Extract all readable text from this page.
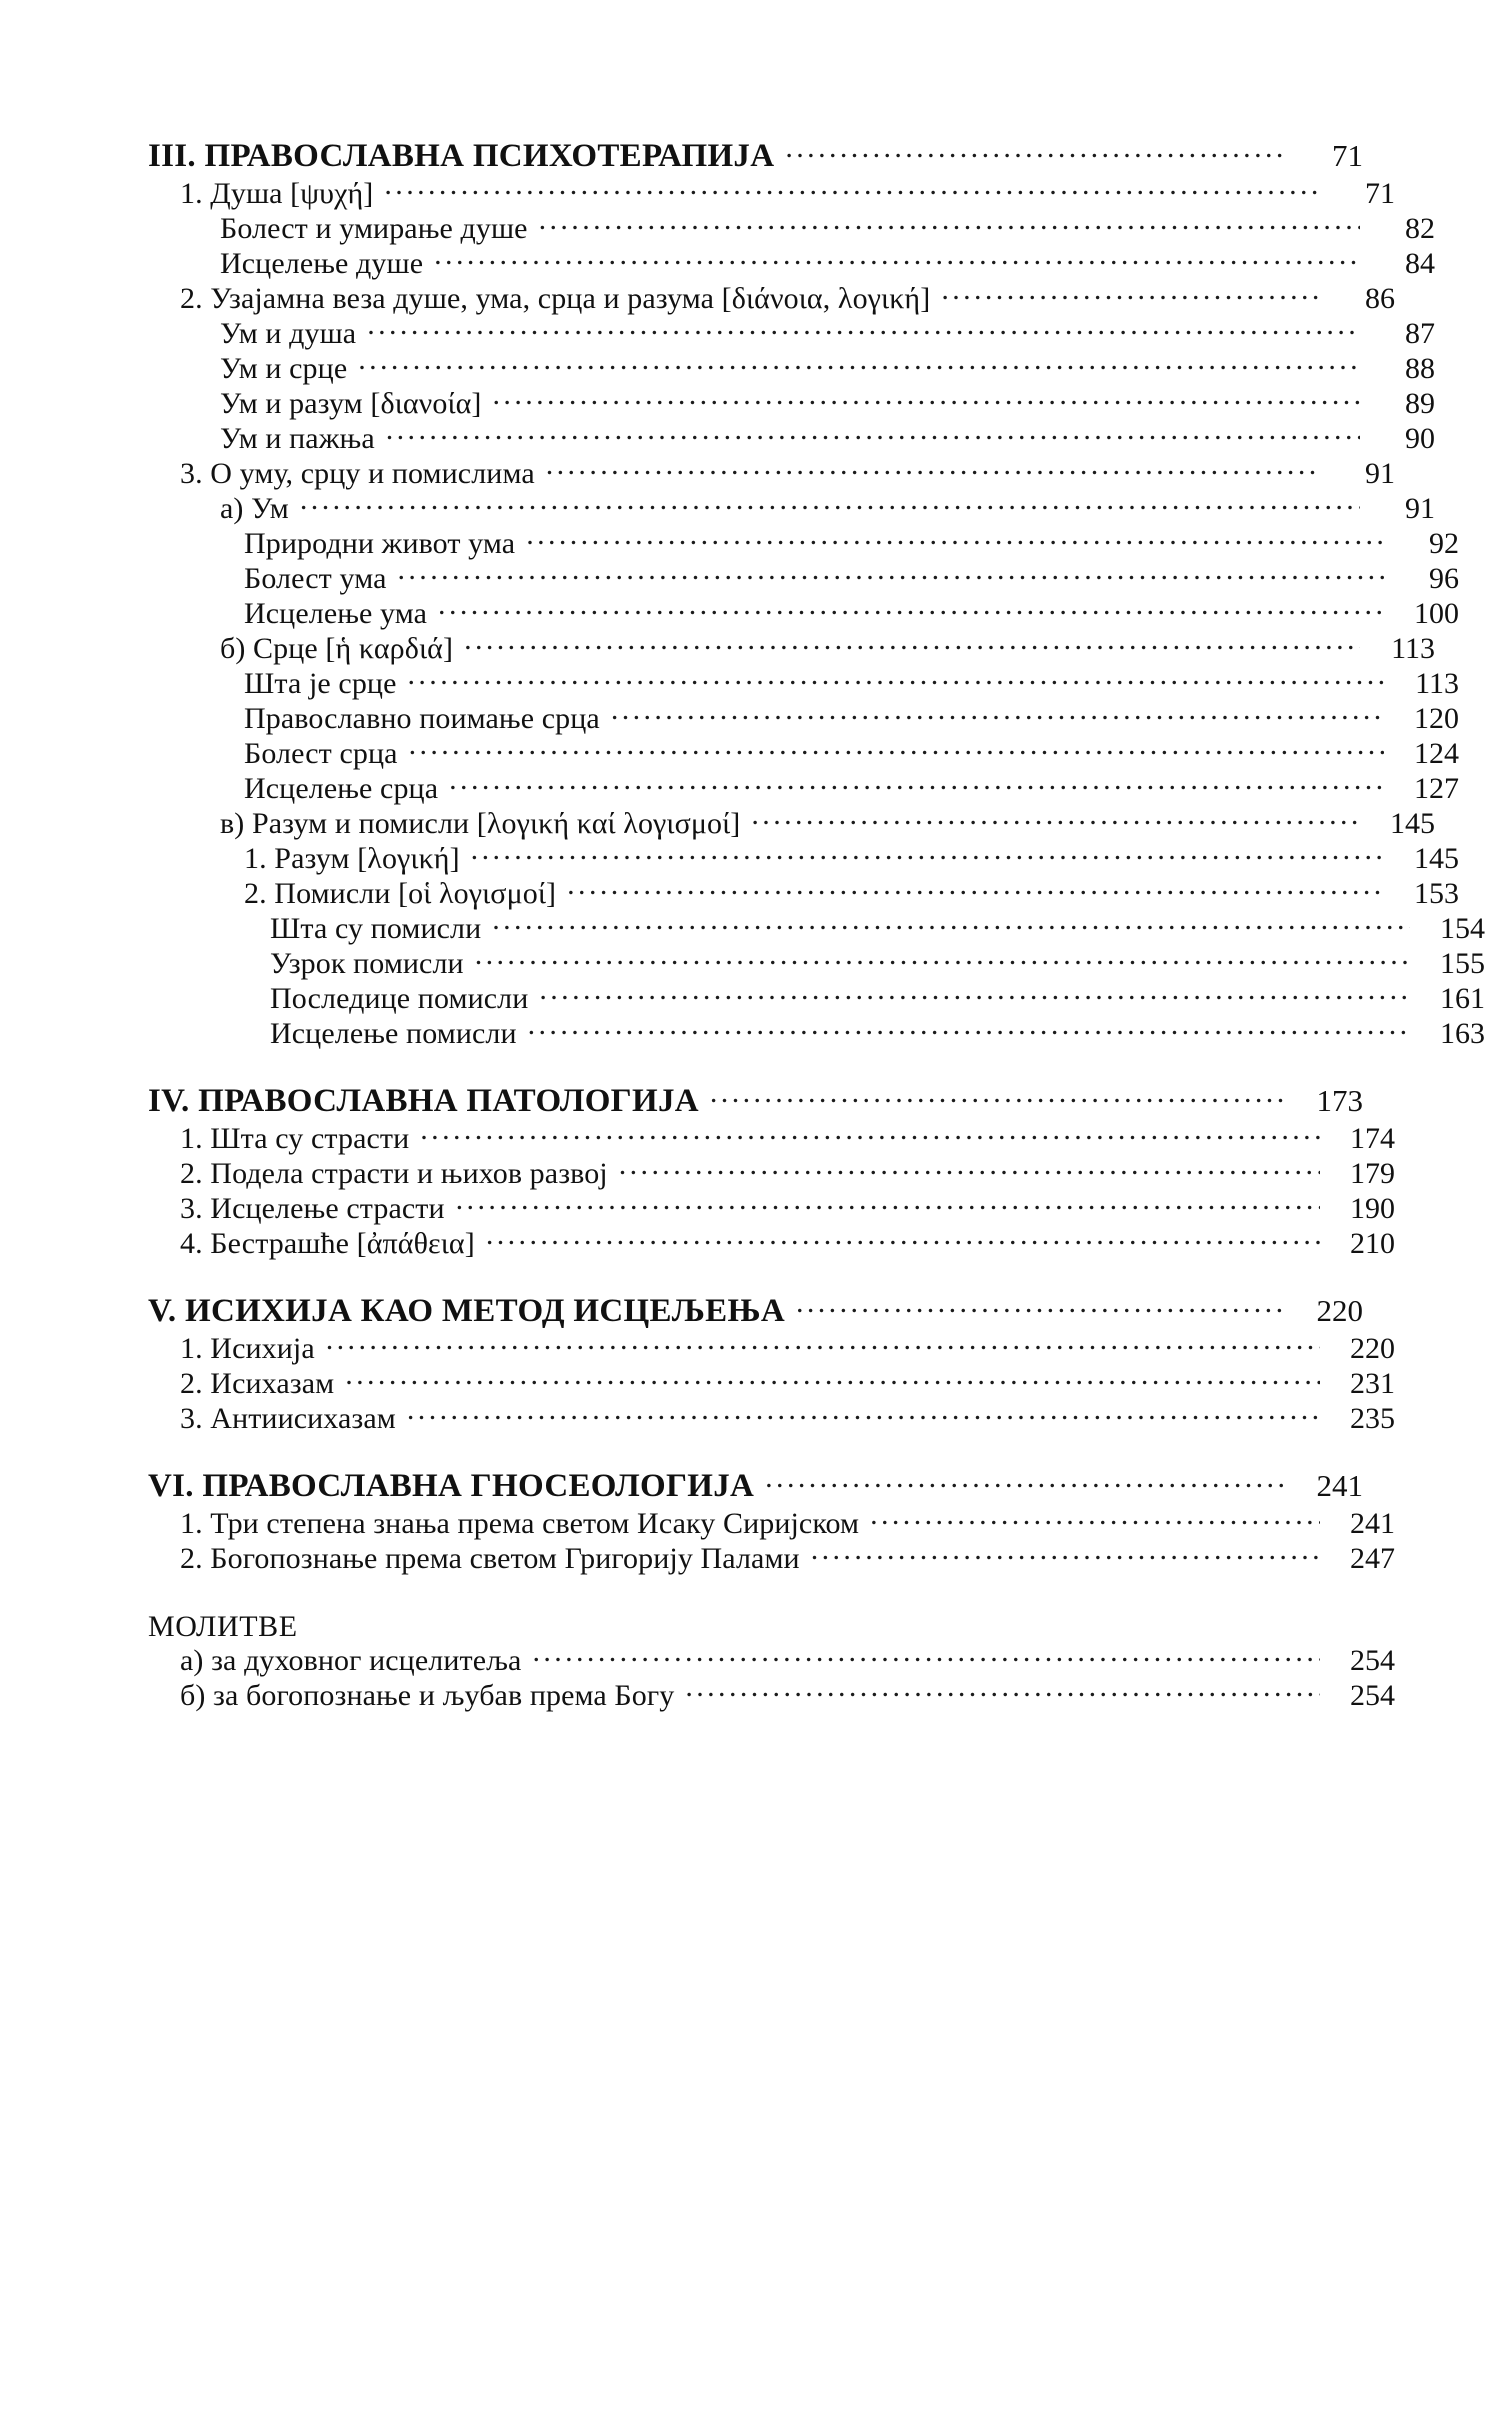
III. ПРАВОСЛАВНА ПСИХОТЕРАПИЈА .....	71
1. Душа [ψυχή] .....	71
Болест и умирање душе .....	82
Исцелење душе .....	84
2. Узајамна веза душе, ума, срца и разума [διάνοια, λογική] .....	86
Ум и душа .....	87
Ум и срце .....	88
Ум и разум [διανοία] .....	89
Ум и пажња .....	90
3. О уму, срцу и помислима .....	91
а) Ум .....	91
Природни живот ума .....	92
Болест ума .....	96
Исцелење ума .....	100
б) Срце [ἡ καρδιά] .....	113
Шта је срце .....	113
Православно поимање срца .....	120
Болест срца .....	124
Исцелење срца .....	127
в) Разум и помисли [λογική καί λογισμοί] .....	145
1. Разум [λογική] .....	145
2. Помисли [οἱ λογισμοί] .....	153
Шта су помисли .....	154
Узрок помисли .....	155
Последице помисли .....	161
Исцелење помисли .....	163
IV. ПРАВОСЛАВНА ПАТОЛОГИЈА .....	173
1. Шта су страсти .....	174
2. Подела страсти и њихов развој .....	179
3. Исцелење страсти .....	190
4. Бестрашће [ἀπάθεια] .....	210
V. ИСИХИЈА КАО МЕТОД ИСЦЕЉЕЊА .....	220
1. Исихија .....	220
2. Исихазам .....	231
3. Антиисихазам .....	235
VI. ПРАВОСЛАВНА ГНОСЕОЛОГИЈА .....	241
1. Три степена знања према светом Исаку Сиријском .....	241
2. Богопознање према светом Григорију Палами .....	247
МОЛИТВЕ
а) за духовног исцелитеља .....	254
б) за богопознање и љубав према Богу .....	254
